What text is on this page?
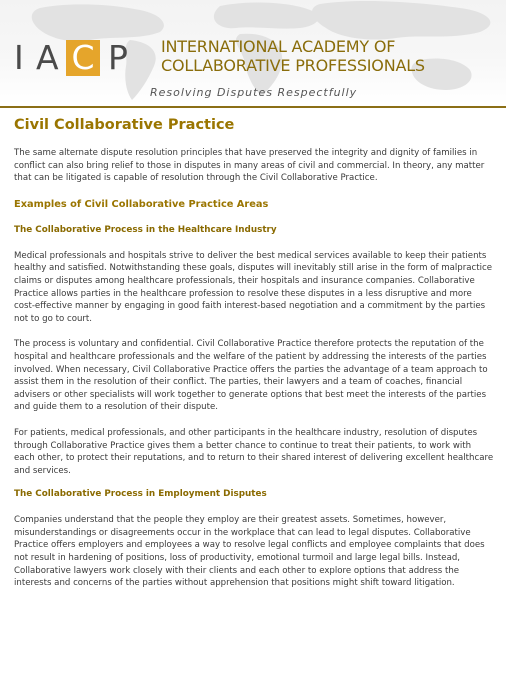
I A C P INTERNATIONAL ACADEMY OF
COLLABORATIVE PROFESSIONALS
Resolving Disputes Respectfully
Civil Collaborative Practice

The same alternate dispute resolution principles that have preserved the integrity and dignity of families in conflict can also bring relief to those in disputes in many areas of civil and commercial. In theory, any matter that can be litigated is capable of resolution through the Civil Collaborative Practice.

Examples of Civil Collaborative Practice Areas
The Collaborative Process in the Healthcare Industry

Medical professionals and hospitals strive to deliver the best medical services available to keep their patients healthy and satisfied. Notwithstanding these goals, disputes will inevitably still arise in the form of malpractice claims or disputes among healthcare professionals, their hospitals and insurance companies. Collaborative Practice allows parties in the healthcare profession to resolve these disputes in a less disruptive and more cost-effective manner by engaging in good faith interest-based negotiation and a commitment by the parties not to go to court.

The process is voluntary and confidential. Civil Collaborative Practice therefore protects the reputation of the hospital and healthcare professionals and the welfare of the patient by addressing the interests of the parties involved. When necessary, Civil Collaborative Practice offers the parties the advantage of a team approach to assist them in the resolution of their conflict. The parties, their lawyers and a team of coaches, financial advisers or other specialists will work together to generate options that best meet the interests of the parties and guide them to a resolution of their dispute.

For patients, medical professionals, and other participants in the healthcare industry, resolution of disputes through Collaborative Practice gives them a better chance to continue to treat their patients, to work with each other, to protect their reputations, and to return to their shared interest of delivering excellent healthcare and services.

The Collaborative Process in Employment Disputes

Companies understand that the people they employ are their greatest assets. Sometimes, however, misunderstandings or disagreements occur in the workplace that can lead to legal disputes. Collaborative Practice offers employers and employees a way to resolve legal conflicts and employee complaints that does not result in hardening of positions, loss of productivity, emotional turmoil and large legal bills. Instead, Collaborative lawyers work closely with their clients and each other to explore options that address the interests and concerns of the parties without apprehension that positions might shift toward litigation.
